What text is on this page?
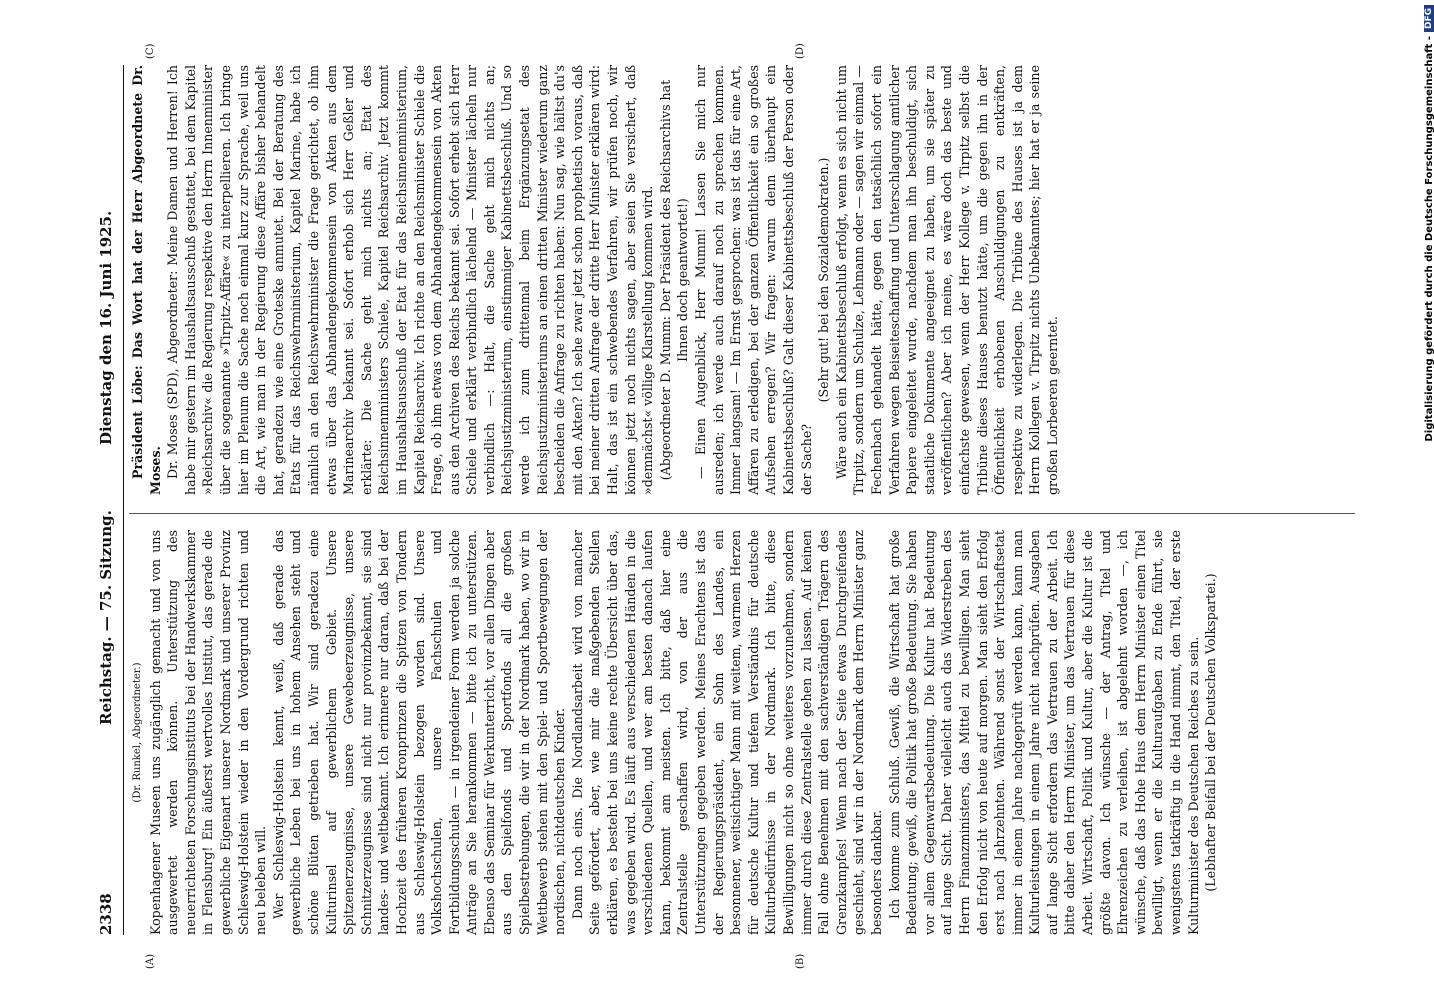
2338
Reichstag. — 75. Sitzung.
Dienstag den 16. Juni 1925.
(A)	(B)
(C)	(D)

(Dr. Runkel, Abgeordneter.) Kopenhagener Museen uns zugänglich gemacht und von uns ausgewertet werden können. Unterstützung des neuerrichteten Forschungsinstituts bei der Handwerkskammer in Flensburg! Ein äußerst wertvolles Institut, das gerade die gewerbliche Eigenart unserer Nordmark und unserer Provinz Schleswig-Holstein wieder in den Vordergrund richten und neu beleben will. Wer Schleswig-Holstein kennt, weiß, daß gerade das gewerbliche Leben bei uns in hohem Ansehen steht und schöne Blüten getrieben hat. Wir sind geradezu eine Kulturinsel auf gewerblichem Gebiet. Unsere Spitzenerzeugnisse, unsere Gewebeerzeugnisse, unsere Schnitzerzeugnisse sind nicht nur provinzbekannt, sie sind landes- und weltbekannt. Ich erinnere nur daran, daß bei der Hochzeit des früheren Kronprinzen die Spitzen von Tondern aus Schleswig-Holstein bezogen worden sind. Unsere Volkshochschulen, unsere Fachschulen und Fortbildungsschulen — in irgendeiner Form werden ja solche Anträge an Sie herankommen — bitte ich zu unterstützen. Ebenso das Seminar für Werkunterricht, vor allen Dingen aber aus den Spielfonds und Sportfonds all die großen Spielbestrebungen, die wir in der Nordmark haben, wo wir in Wettbewerb stehen mit den Spiel- und Sportbewegungen der nordischen, nichtdeutschen Kinder. Dann noch eins. Die Nordlandsarbeit wird von mancher Seite gefördert, aber, wie mir die maßgebenden Stellen erklären, es besteht bei uns keine rechte Übersicht über das, was gegeben wird. Es läuft aus verschiedenen Händen in die verschiedenen Quellen, und wer am besten danach laufen kann, bekommt am meisten. Ich bitte, daß hier eine Zentralstelle geschaffen wird, von der aus die Unterstützungen gegeben werden. Meines Erachtens ist das der Regierungspräsident, ein Sohn des Landes, ein besonnener, weitsichtiger Mann mit weitem, warmem Herzen für deutsche Kultur und tiefem Verständnis für deutsche Kulturbedürfnisse in der Nordmark. Ich bitte, diese Bewilligungen nicht so ohne weiteres vorzunehmen, sondern immer durch diese Zentralstelle gehen zu lassen. Auf keinen Fall ohne Benehmen mit den sachverständigen Trägern des Grenzkampfes! Wenn nach der Seite etwas Durchgreifendes geschieht, sind wir in der Nordmark dem Herrn Minister ganz besonders dankbar. Ich komme zum Schluß. Gewiß, die Wirtschaft hat große Bedeutung; gewiß, die Politik hat große Bedeutung. Sie haben vor allem Gegenwartsbedeutung. Die Kultur hat Bedeutung auf lange Sicht. Daher vielleicht auch das Widerstreben des Herrn Finanzministers, das Mittel zu bewilligen. Man sieht den Erfolg nicht von heute auf morgen. Man sieht den Erfolg erst nach Jahrzehnten. Während sonst der Wirtschaftsetat immer in einem Jahre nachgeprüft werden kann, kann man Kulturleistungen in einem Jahre nicht nachprüfen. Ausgaben auf lange Sicht erfordern das Vertrauen zu der Arbeit. Ich bitte daher den Herrn Minister, um das Vertrauen für diese Arbeit. Wirtschaft, Politik und Kultur, aber die Kultur ist die größte davon. Ich wünsche — der Antrag, Titel und Ehrenzeichen zu verleihen, ist abgelehnt worden —, ich wünsche, daß das Hohe Haus dem Herrn Minister einen Titel bewilligt, wenn er die Kulturaufgaben zu Ende führt, sie wenigstens tatkräftig in die Hand nimmt, den Titel, der erste Kulturminister des Deutschen Reiches zu sein. (Lebhafter Beifall bei der Deutschen Volkspartei.)

Präsident Löbe: Das Wort hat der Herr Abgeordnete Dr. Moses. Dr. Moses (SPD), Abgeordneter: Meine Damen und Herren! Ich habe mir gestern im Haushaltsausschuß gestattet, bei dem Kapitel »Reichsarchiv« die Regierung respektive den Herrn Innenminister über die sogenannte »Tirpitz-Affäre« zu interpellieren. Ich bringe hier im Plenum die Sache noch einmal kurz zur Sprache, weil uns die Art, wie man in der Regierung diese Affäre bisher behandelt hat, geradezu wie eine Groteske anmutet. Bei der Beratung des Etats für das Reichswehrministerium, Kapitel Marine, habe ich nämlich an den Reichswehrminister die Frage gerichtet, ob ihm etwas über das Abhandengekommensein von Akten aus dem Marinearchiv bekannt sei. Sofort erhob sich Herr Geßler und erklärte: Die Sache geht mich nichts an; Etat des Reichsinnenministers Schiele, Kapitel Reichsarchiv. Jetzt kommt im Haushaltsausschuß der Etat für das Reichsinnenministerium, Kapitel Reichsarchiv. Ich richte an den Reichsminister Schiele die Frage, ob ihm etwas von dem Abhandengekommensein von Akten aus den Archiven des Reichs bekannt sei. Sofort erhebt sich Herr Schiele und erklärt verbindlich lächelnd — Minister lächeln nur verbindlich —: Halt, die Sache geht mich nichts an; Reichsjustizministerium, einstimmiger Kabinettsbeschluß. Und so werde ich zum drittenmal beim Ergänzungsetat des Reichsjustizministeriums an einen dritten Minister wiederum ganz bescheiden die Anfrage zu richten haben: Nun sag, wie hältst du's mit den Akten? Ich sehe zwar jetzt schon prophetisch voraus, daß bei meiner dritten Anfrage der dritte Herr Minister erklären wird: Halt, das ist ein schwebendes Verfahren, wir prüfen noch, wir können jetzt noch nichts sagen, aber seien Sie versichert, daß »demnächst« völlige Klarstellung kommen wird. (Abgeordneter D. Mumm: Der Präsident des Reichsarchivs hat Ihnen doch geantwortet!) — Einen Augenblick, Herr Mumm! Lassen Sie mich nur ausreden; ich werde auch darauf noch zu sprechen kommen. Immer langsam! — Im Ernst gesprochen: was ist das für eine Art, Affären zu erledigen, bei der ganzen Öffentlichkeit ein so großes Aufsehen erregen? Wir fragen: warum denn überhaupt ein Kabinettsbeschluß? Galt dieser Kabinettsbeschluß der Person oder der Sache?

(Sehr gut! bei den Sozialdemokraten.) Wäre auch ein Kabinettsbeschluß erfolgt, wenn es sich nicht um Tirpitz, sondern um Schulze, Lehmann oder — sagen wir einmal — Fechenbach gehandelt hätte, gegen den tatsächlich sofort ein Verfahren wegen Beiseiteschaffung und Unterschlagung amtlicher Papiere eingeleitet wurde, nachdem man ihn beschuldigt, sich staatliche Dokumente angeeignet zu haben, um sie später zu veröffentlichen? Aber ich meine, es wäre doch das beste und einfachste gewesen, wenn der Herr Kollege v. Tirpitz selbst die Tribüne dieses Hauses benutzt hätte, um die gegen ihn in der Öffentlichkeit erhobenen Anschuldigungen zu entkräften, respektive zu widerlegen. Die Tribüne des Hauses ist ja dem Herrn Kollegen v. Tirpitz nichts Unbekanntes; hier hat er ja seine großen Lorbeeren geerntet.	Digitalisierung gefördert durch die Deutsche Forschungsgemeinschaft -
DFG
